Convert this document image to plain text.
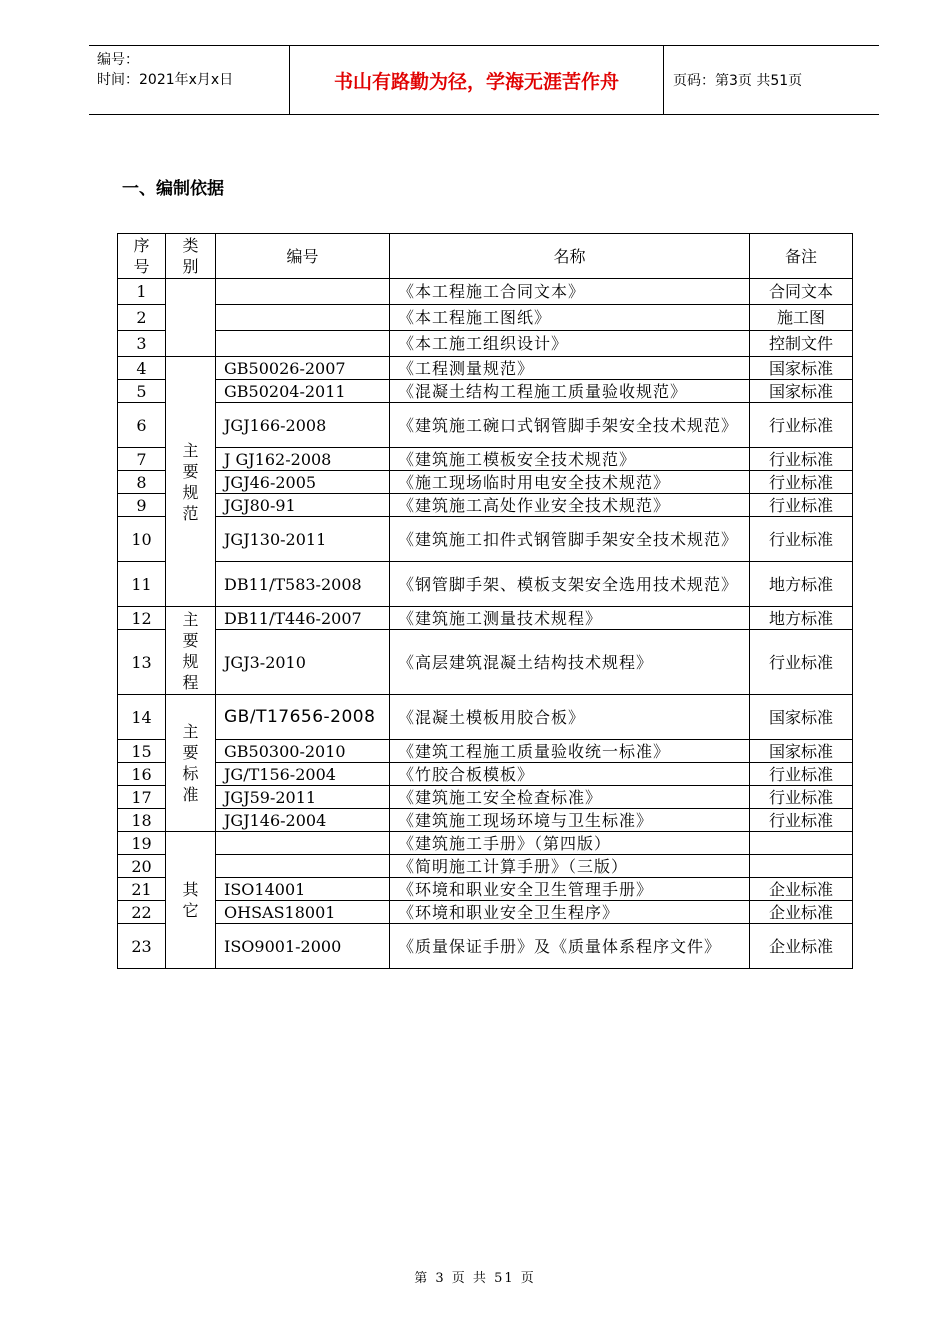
编号：
时间：2021年x月x日	书山有路勤为径，学海无涯苦作舟	页码：第3页 共51页
一、编制依据
序号	类别	编号	名称	备注
1			《本工程施工合同文本》	合同文本
2			《本工程施工图纸》	施工图
3			《本工施工组织设计》	控制文件
4	主要规范	GB50026-2007	《工程测量规范》	国家标准
5		GB50204-2011	《混凝土结构工程施工质量验收规范》	国家标准
6		JGJ166-2008	《建筑施工碗口式钢管脚手架安全技术规范》	行业标准
7		J GJ162-2008	《建筑施工模板安全技术规范》	行业标准
8		JGJ46-2005	《施工现场临时用电安全技术规范》	行业标准
9		JGJ80-91	《建筑施工高处作业安全技术规范》	行业标准
10		JGJ130-2011	《建筑施工扣件式钢管脚手架安全技术规范》	行业标准
11		DB11/T583-2008	《钢管脚手架、模板支架安全选用技术规范》	地方标准
12	主要规程	DB11/T446-2007	《建筑施工测量技术规程》	地方标准
13		JGJ3-2010	《高层建筑混凝土结构技术规程》	行业标准
14	主要标准	GB/T17656-2008	《混凝土模板用胶合板》	国家标准
15		GB50300-2010	《建筑工程施工质量验收统一标准》	国家标准
16		JG/T156-2004	《竹胶合板模板》	行业标准
17		JGJ59-2011	《建筑施工安全检查标准》	行业标准
18		JGJ146-2004	《建筑施工现场环境与卫生标准》	行业标准
19	其它		《建筑施工手册》（第四版）	
20			《简明施工计算手册》（三版）	
21		ISO14001	《环境和职业安全卫生管理手册》	企业标准
22		OHSAS18001	《环境和职业安全卫生程序》	企业标准
23		ISO9001-2000	《质量保证手册》及《质量体系程序文件》	企业标准
第 3 页 共 51 页
